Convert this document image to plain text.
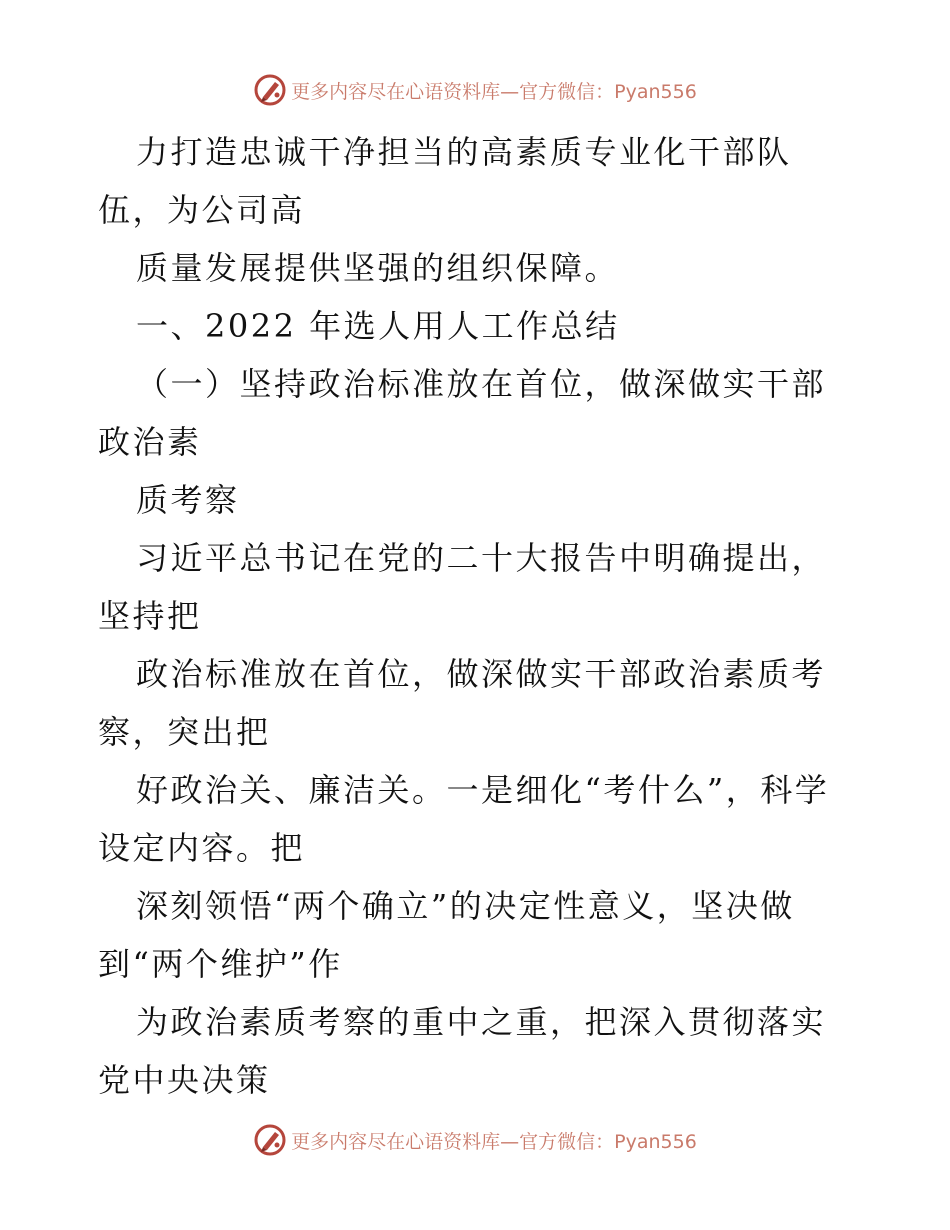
更多内容尽在心语资料库—官方微信：Pyan556

力打造忠诚干净担当的高素质专业化干部队伍，为公司高

质量发展提供坚强的组织保障。

一、2022 年选人用人工作总结

（一）坚持政治标准放在首位，做深做实干部政治素

质考察

习近平总书记在党的二十大报告中明确提出，坚持把

政治标准放在首位，做深做实干部政治素质考察，突出把

好政治关、廉洁关。一是细化“考什么”，科学设定内容。把

深刻领悟“两个确立”的决定性意义，坚决做到“两个维护”作

为政治素质考察的重中之重，把深入贯彻落实党中央决策

更多内容尽在心语资料库—官方微信：Pyan556
